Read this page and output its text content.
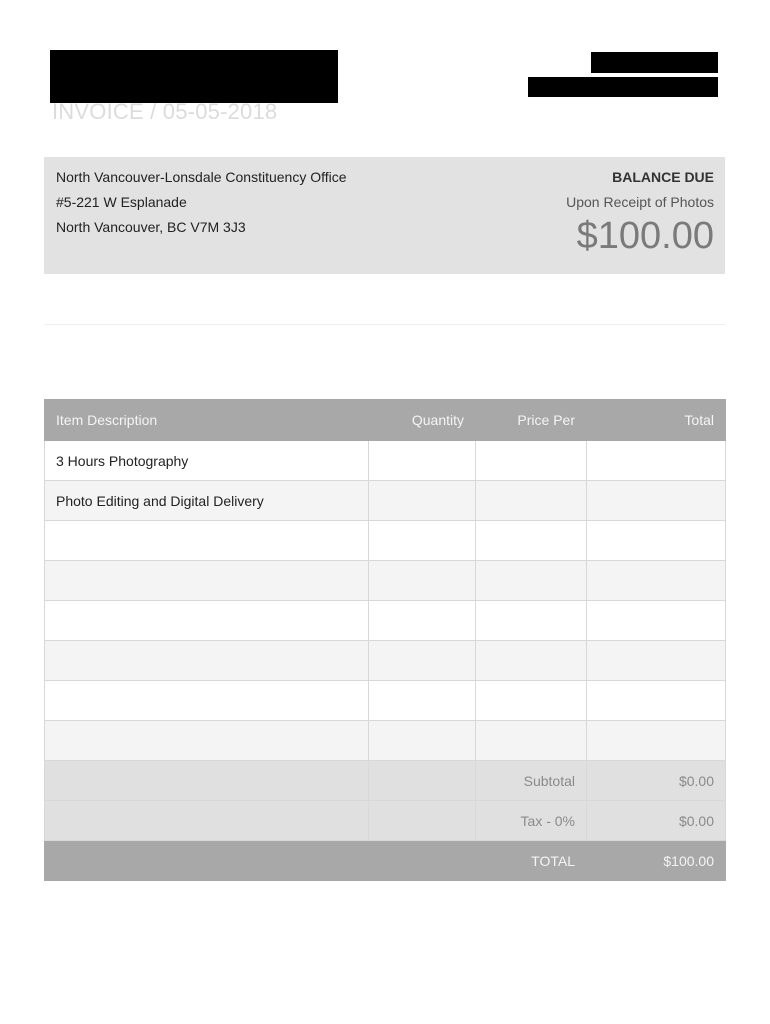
INVOICE / 05-05-2018
North Vancouver-Lonsdale Constituency Office
#5-221 W Esplanade
North Vancouver, BC V7M 3J3
BALANCE DUE
Upon Receipt of Photos
$100.00
Item Description	Quantity	Price Per	Total
3 Hours Photography			
Photo Editing and Digital Delivery			

		Subtotal	$0.00
		Tax - 0%	$0.00
		TOTAL	$100.00
